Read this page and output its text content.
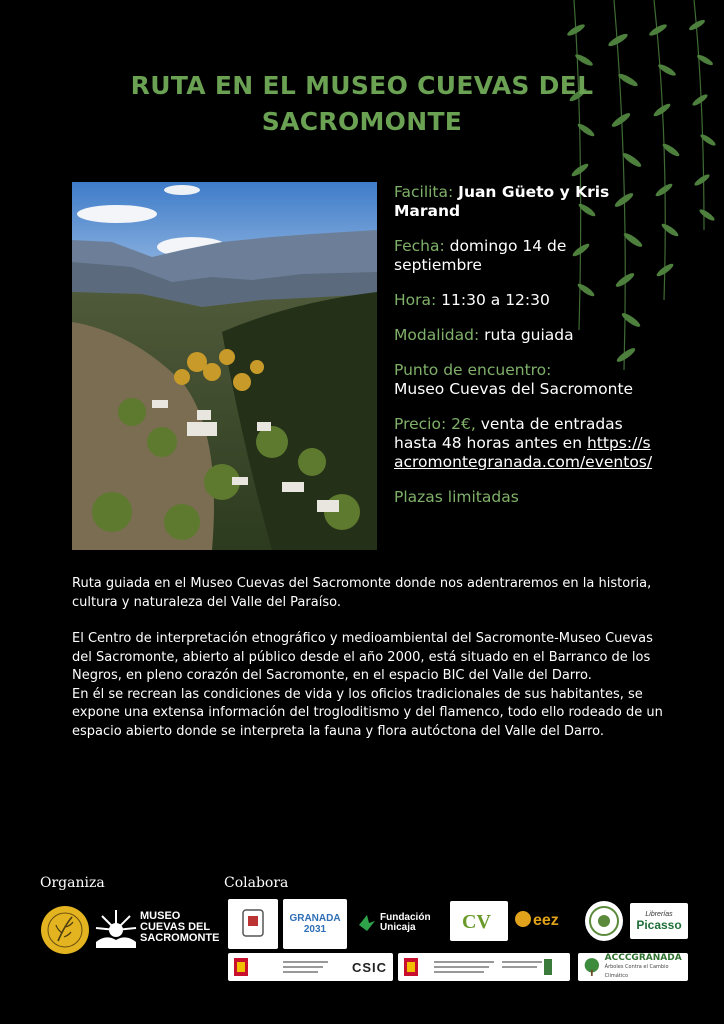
RUTA EN EL MUSEO CUEVAS DEL SACROMONTE
Facilita: Juan Güeto y Kris Marand
Fecha: domingo 14 de septiembre
Hora: 11:30 a 12:30
Modalidad: ruta guiada
Punto de encuentro:
Museo Cuevas del Sacromonte
Precio: 2€, venta de entradas hasta 48 horas antes en https://sacromontegranada.com/eventos/
Plazas limitadas

Ruta guiada en el Museo Cuevas del Sacromonte donde nos adentraremos en la historia, cultura y naturaleza del Valle del Paraíso.

El Centro de interpretación etnográfico y medioambiental del Sacromonte-Museo Cuevas del Sacromonte, abierto al público desde el año 2000, está situado en el Barranco de los Negros, en pleno corazón del Sacromonte, en el espacio BIC del Valle del Darro.
En él se recrean las condiciones de vida y los oficios tradicionales de sus habitantes, se expone una extensa información del trogloditismo y del flamenco, todo ello rodeado de un espacio abierto donde se interpreta la fauna y flora autóctona del Valle del Darro.
Organiza	Colabora
MUSEO
CUEVAS DEL
SACROMONTE
GRANADA
2031
Fundación
Unicaja	CV	eez	Librerías
Picasso
CSIC
ACCCGRANADA
Árboles Contra el Cambio Climático
